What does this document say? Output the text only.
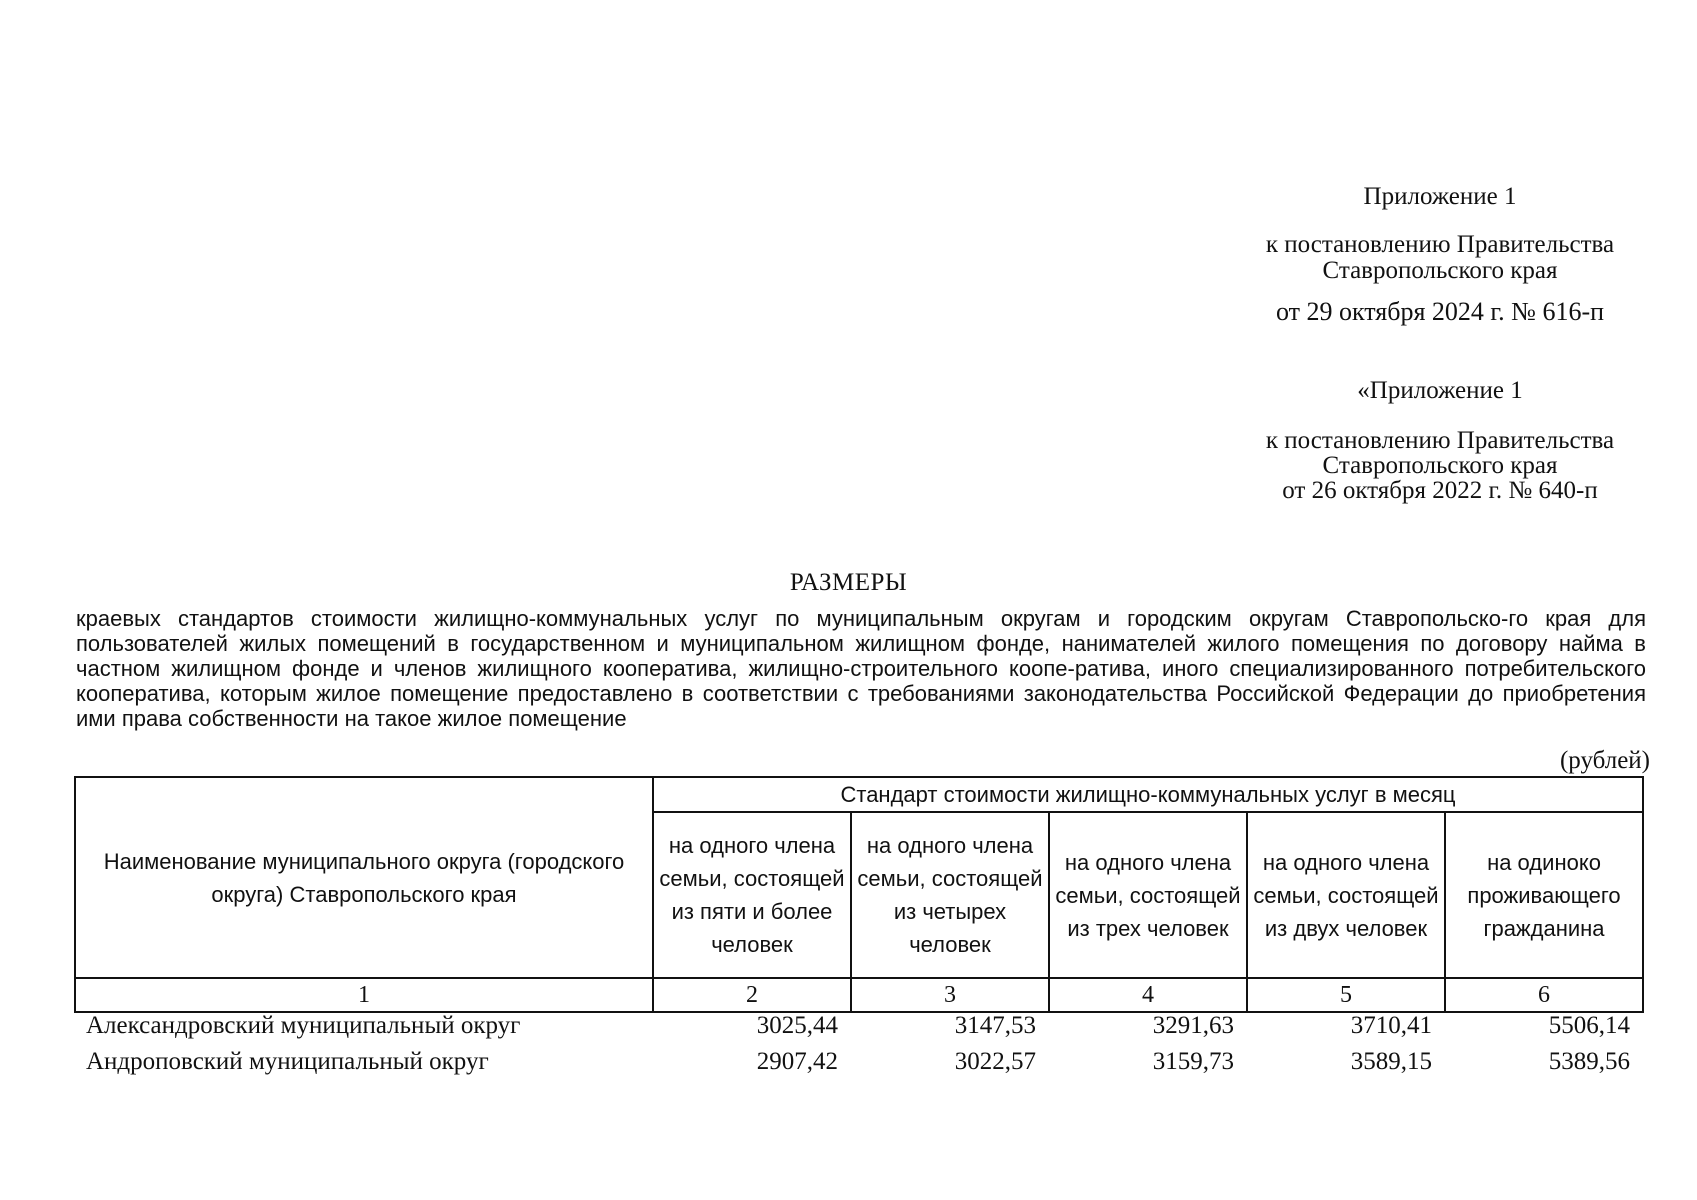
Приложение 1
к постановлению Правительства
Ставропольского края
от 29 октября 2024 г. № 616-п
«Приложение 1
к постановлению Правительства
Ставропольского края
от 26 октября 2022 г. № 640-п
РАЗМЕРЫ
краевых стандартов стоимости жилищно-коммунальных услуг по муниципальным округам и городским округам Ставропольско-го края для пользователей жилых помещений в государственном и муниципальном жилищном фонде, нанимателей жилого помещения по договору найма в частном жилищном фонде и членов жилищного кооператива, жилищно-строительного коопе-ратива, иного специализированного потребительского кооператива, которым жилое помещение предоставлено в соответствии с требованиями законодательства Российской Федерации до приобретения ими права собственности на такое жилое помещение
(рублей)
Наименование муниципального округа (городского округа) Ставропольского края	Стандарт стоимости жилищно-коммунальных услуг в месяц				
	на одного члена семьи, состоящей из пяти и более человек	на одного члена семьи, состоящей из четырех человек	на одного члена семьи, состоящей из трех человек	на одного члена семьи, состоящей из двух человек	на одиноко проживающего гражданина
1	2	3	4	5	6
Александровский муниципальный округ	3025,44	3147,53	3291,63	3710,41	5506,14
Андроповский муниципальный округ	2907,42	3022,57	3159,73	3589,15	5389,56
